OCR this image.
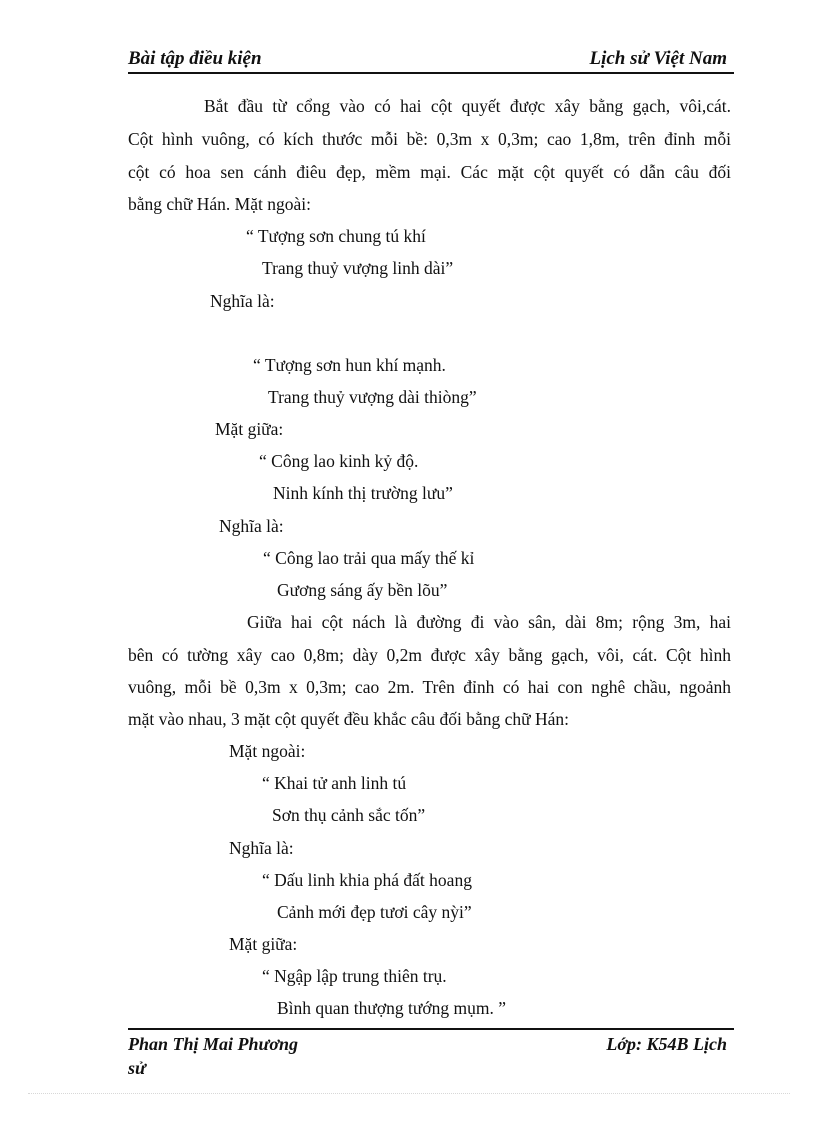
Bài tập điều kiện	Lịch sử Việt Nam
Bắt đầu từ cổng vào có hai cột quyết được xây bằng gạch, vôi,cát.
Cột hình vuông, có kích thước mỗi bề: 0,3m x 0,3m; cao 1,8m, trên đỉnh mỗi
cột có hoa sen cánh điêu đẹp, mềm mại. Các mặt cột quyết có dẫn câu đối
bằng chữ Hán. Mặt ngoài:
“ Tượng sơn chung tú khí
Trang thuỷ vượng linh dài”
Nghĩa là:
“ Tượng sơn hun khí mạnh.
Trang thuỷ vượng dài thiòng”
Mặt giữa:
“ Công lao kinh kỷ độ.
Ninh kính thị trường lưu”
Nghĩa là:
“ Công lao trải qua mấy thế kỉ
Gương sáng ấy bền lõu”
Giữa hai cột nách là đường đi vào sân, dài 8m; rộng 3m, hai
bên có tường xây cao 0,8m; dày 0,2m được xây bằng gạch, vôi, cát. Cột hình
vuông, mỗi bề 0,3m x 0,3m; cao 2m. Trên đỉnh có hai con nghê chầu, ngoảnh
mặt vào nhau, 3 mặt cột quyết đều khắc câu đối bằng chữ Hán:
Mặt ngoài:
“ Khai tử anh linh tú
Sơn thụ cảnh sắc tốn”
Nghĩa là:
“ Dấu linh khia phá đất hoang
Cảnh mới đẹp tươi cây nỳi”
Mặt giữa:
“ Ngập lập trung thiên trụ.
Bình quan thượng tướng mụm. ”
Phan Thị Mai Phương	Lớp: K54B Lịch
sử
